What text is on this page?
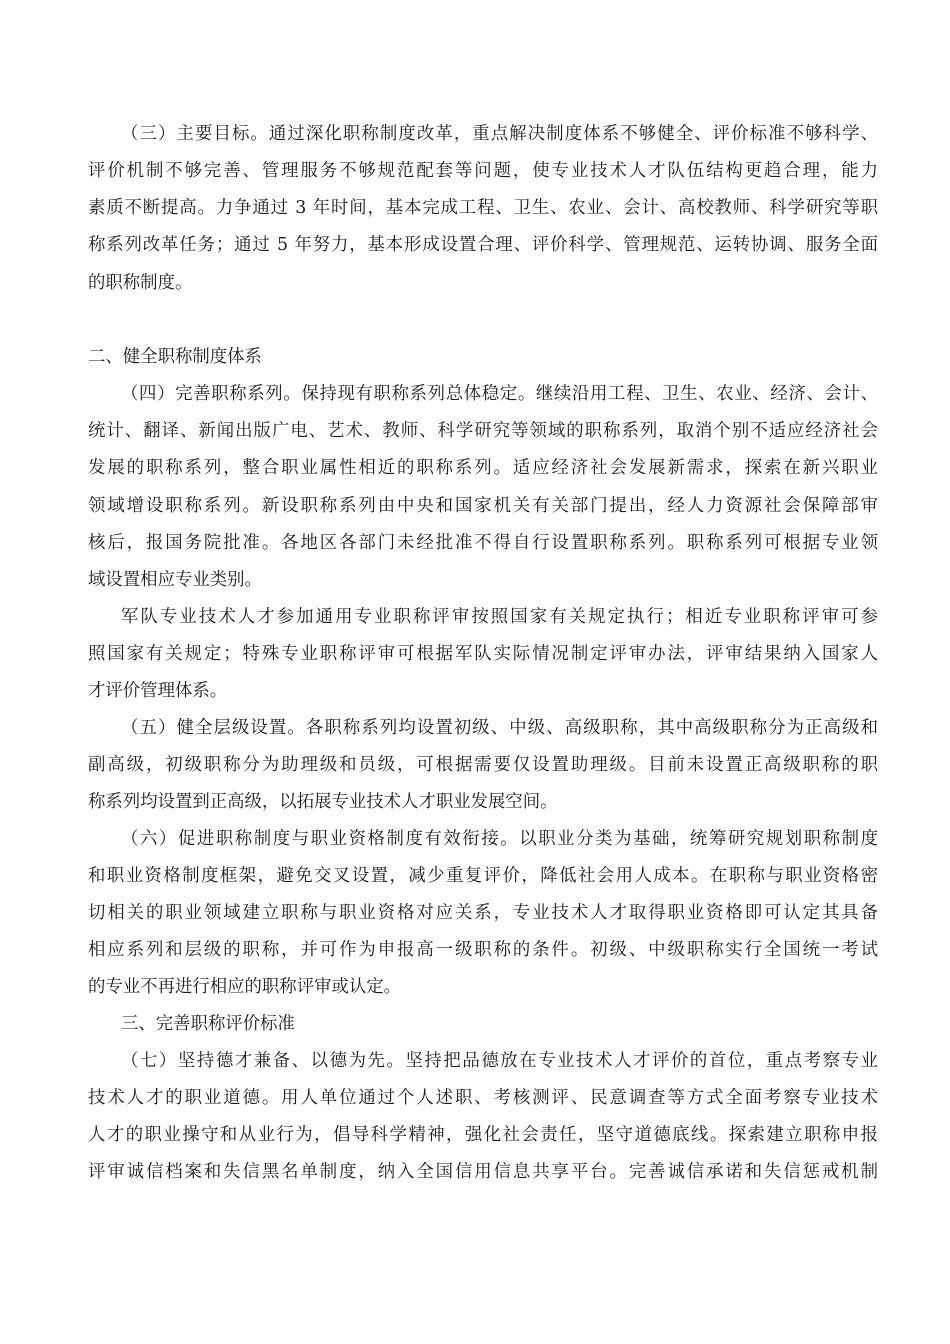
（三）主要目标。通过深化职称制度改革，重点解决制度体系不够健全、评价标准不够科学、
评价机制不够完善、管理服务不够规范配套等问题，使专业技术人才队伍结构更趋合理，能力
素质不断提高。力争通过 3 年时间，基本完成工程、卫生、农业、会计、高校教师、科学研究等职
称系列改革任务；通过 5 年努力，基本形成设置合理、评价科学、管理规范、运转协调、服务全面
的职称制度。
二、健全职称制度体系
（四）完善职称系列。保持现有职称系列总体稳定。继续沿用工程、卫生、农业、经济、会计、
统计、翻译、新闻出版广电、艺术、教师、科学研究等领域的职称系列，取消个别不适应经济社会
发展的职称系列，整合职业属性相近的职称系列。适应经济社会发展新需求，探索在新兴职业
领域增设职称系列。新设职称系列由中央和国家机关有关部门提出，经人力资源社会保障部审
核后，报国务院批准。各地区各部门未经批准不得自行设置职称系列。职称系列可根据专业领
域设置相应专业类别。
军队专业技术人才参加通用专业职称评审按照国家有关规定执行；相近专业职称评审可参
照国家有关规定；特殊专业职称评审可根据军队实际情况制定评审办法，评审结果纳入国家人
才评价管理体系。
（五）健全层级设置。各职称系列均设置初级、中级、高级职称，其中高级职称分为正高级和
副高级，初级职称分为助理级和员级，可根据需要仅设置助理级。目前未设置正高级职称的职
称系列均设置到正高级，以拓展专业技术人才职业发展空间。
（六）促进职称制度与职业资格制度有效衔接。以职业分类为基础，统筹研究规划职称制度
和职业资格制度框架，避免交叉设置，减少重复评价，降低社会用人成本。在职称与职业资格密
切相关的职业领域建立职称与职业资格对应关系，专业技术人才取得职业资格即可认定其具备
相应系列和层级的职称，并可作为申报高一级职称的条件。初级、中级职称实行全国统一考试
的专业不再进行相应的职称评审或认定。
三、完善职称评价标准
（七）坚持德才兼备、以德为先。坚持把品德放在专业技术人才评价的首位，重点考察专业
技术人才的职业道德。用人单位通过个人述职、考核测评、民意调查等方式全面考察专业技术
人才的职业操守和从业行为，倡导科学精神，强化社会责任，坚守道德底线。探索建立职称申报
评审诚信档案和失信黑名单制度，纳入全国信用信息共享平台。完善诚信承诺和失信惩戒机制
